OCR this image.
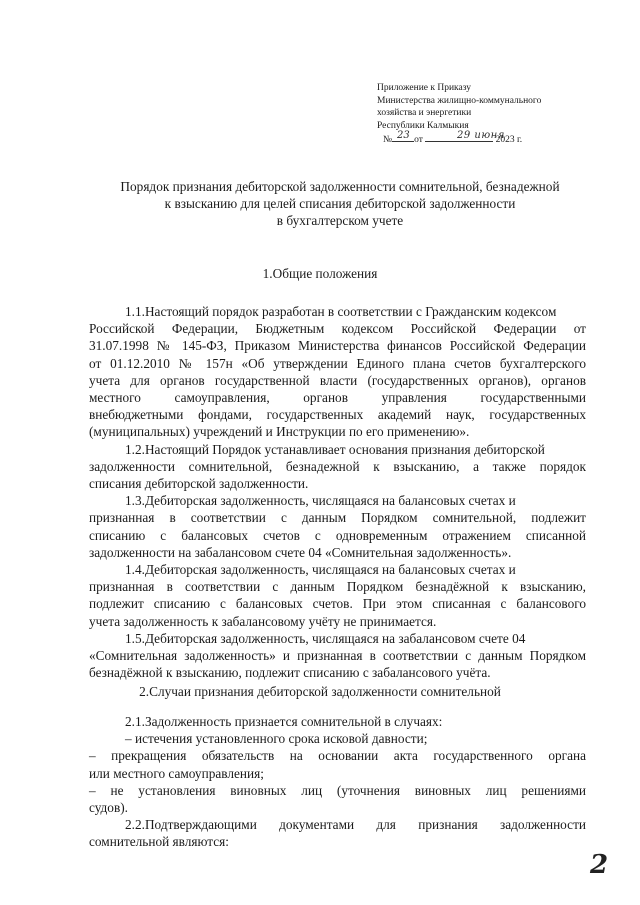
Приложение к Приказу
Министерства жилищно-коммунального
хозяйства и энергетики
Республики Калмыкия
№ от	2023 г.
23	29 июня
Порядок признания дебиторской задолженности сомнительной, безнадежной
к взысканию для целей списания дебиторской задолженности
в бухгалтерском учете
1.Общие положения
1.1.Настоящий порядок разработан в соответствии с Гражданским кодексом
Российской Федерации, Бюджетным кодексом Российской Федерации от
31.07.1998 № 145-ФЗ, Приказом Министерства финансов Российской Федерации
от 01.12.2010 № 157н «Об утверждении Единого плана счетов бухгалтерского
учета для органов государственной власти (государственных органов), органов
местного самоуправления, органов управления государственными
внебюджетными фондами, государственных академий наук, государственных
(муниципальных) учреждений и Инструкции по его применению».
1.2.Настоящий Порядок устанавливает основания признания дебиторской
задолженности сомнительной, безнадежной к взысканию, а также порядок
списания дебиторской задолженности.
1.3.Дебиторская задолженность, числящаяся на балансовых счетах и
признанная в соответствии с данным Порядком сомнительной, подлежит
списанию с балансовых счетов с одновременным отражением списанной
задолженности на забалансовом счете 04 «Сомнительная задолженность».
1.4.Дебиторская задолженность, числящаяся на балансовых счетах и
признанная в соответствии с данным Порядком безнадёжной к взысканию,
подлежит списанию с балансовых счетов. При этом списанная с балансового
учета задолженность к забалансовому учёту не принимается.
1.5.Дебиторская задолженность, числящаяся на забалансовом счете 04
«Сомнительная задолженность» и признанная в соответствии с данным Порядком
безнадёжной к взысканию, подлежит списанию с забалансового учёта.
2.Случаи признания дебиторской задолженности сомнительной
2.1.Задолженность признается сомнительной в случаях:
– истечения установленного срока исковой давности;
– прекращения обязательств на основании акта государственного органа
или местного самоуправления;
– не установления виновных лиц (уточнения виновных лиц решениями
судов).
2.2.Подтверждающими документами для признания задолженности
сомнительной являются:
2
